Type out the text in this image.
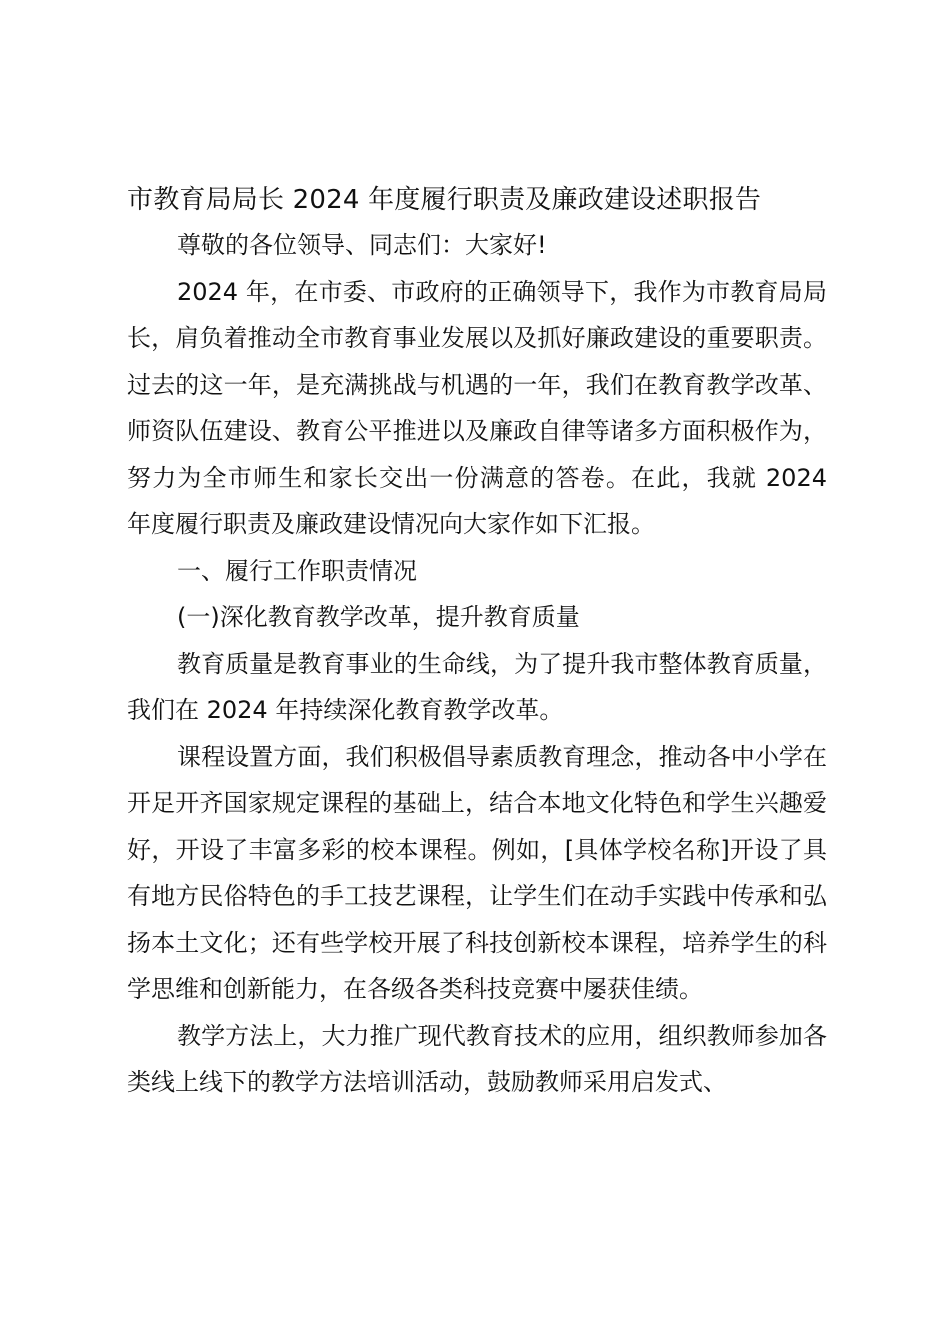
市教育局局长 2024 年度履行职责及廉政建设述职报告

尊敬的各位领导、同志们：大家好!

2024 年，在市委、市政府的正确领导下，我作为市教育局局长，肩负着推动全市教育事业发展以及抓好廉政建设的重要职责。过去的这一年，是充满挑战与机遇的一年，我们在教育教学改革、师资队伍建设、教育公平推进以及廉政自律等诸多方面积极作为，努力为全市师生和家长交出一份满意的答卷。在此，我就 2024 年度履行职责及廉政建设情况向大家作如下汇报。

一、履行工作职责情况

(一)深化教育教学改革，提升教育质量

教育质量是教育事业的生命线，为了提升我市整体教育质量，我们在 2024 年持续深化教育教学改革。

课程设置方面，我们积极倡导素质教育理念，推动各中小学在开足开齐国家规定课程的基础上，结合本地文化特色和学生兴趣爱好，开设了丰富多彩的校本课程。例如，[具体学校名称]开设了具有地方民俗特色的手工技艺课程，让学生们在动手实践中传承和弘扬本土文化；还有些学校开展了科技创新校本课程，培养学生的科学思维和创新能力，在各级各类科技竞赛中屡获佳绩。

教学方法上，大力推广现代教育技术的应用，组织教师参加各类线上线下的教学方法培训活动，鼓励教师采用启发式、
